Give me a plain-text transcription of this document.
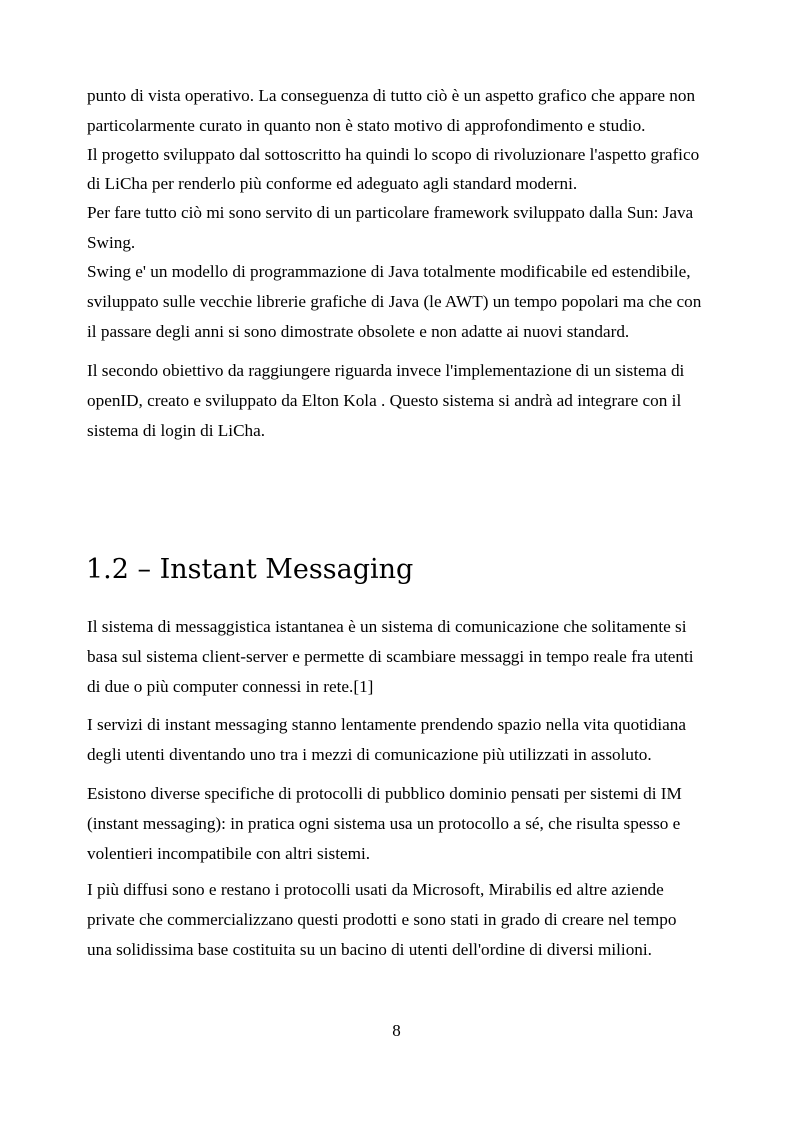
punto di vista operativo. La conseguenza di tutto ciò è un aspetto grafico che appare non
particolarmente curato in quanto non è stato motivo di approfondimento e studio.
Il progetto sviluppato dal sottoscritto ha quindi lo scopo di rivoluzionare l'aspetto grafico
di LiCha per renderlo più conforme ed adeguato agli standard moderni.
Per fare tutto ciò mi sono servito di un particolare framework sviluppato dalla Sun: Java
Swing.
Swing e' un modello di programmazione di Java totalmente modificabile ed estendibile,
sviluppato sulle vecchie librerie grafiche di Java (le AWT) un tempo popolari ma che con
il passare degli anni si sono dimostrate obsolete e non adatte ai nuovi standard.
Il secondo obiettivo da raggiungere riguarda invece l'implementazione di un sistema di
openID, creato e sviluppato da Elton Kola . Questo sistema si andrà ad integrare con il
sistema di login di LiCha.
1.2 – Instant Messaging
Il sistema di messaggistica istantanea è un sistema di comunicazione che solitamente si
basa sul sistema client-server e permette di scambiare messaggi in tempo reale fra utenti
di due o più computer connessi in rete.[1]
I servizi di instant messaging stanno lentamente prendendo spazio nella vita quotidiana
degli utenti diventando uno tra i mezzi di comunicazione più utilizzati in assoluto.
Esistono diverse specifiche di protocolli di pubblico dominio pensati per sistemi di IM
(instant messaging): in pratica ogni sistema usa un protocollo a sé, che risulta spesso e
volentieri incompatibile con altri sistemi.
I più diffusi sono e restano i protocolli usati da Microsoft, Mirabilis ed altre aziende
private che commercializzano questi prodotti e sono stati in grado di creare nel tempo
una solidissima base costituita su un bacino di utenti dell'ordine di diversi milioni.
8
